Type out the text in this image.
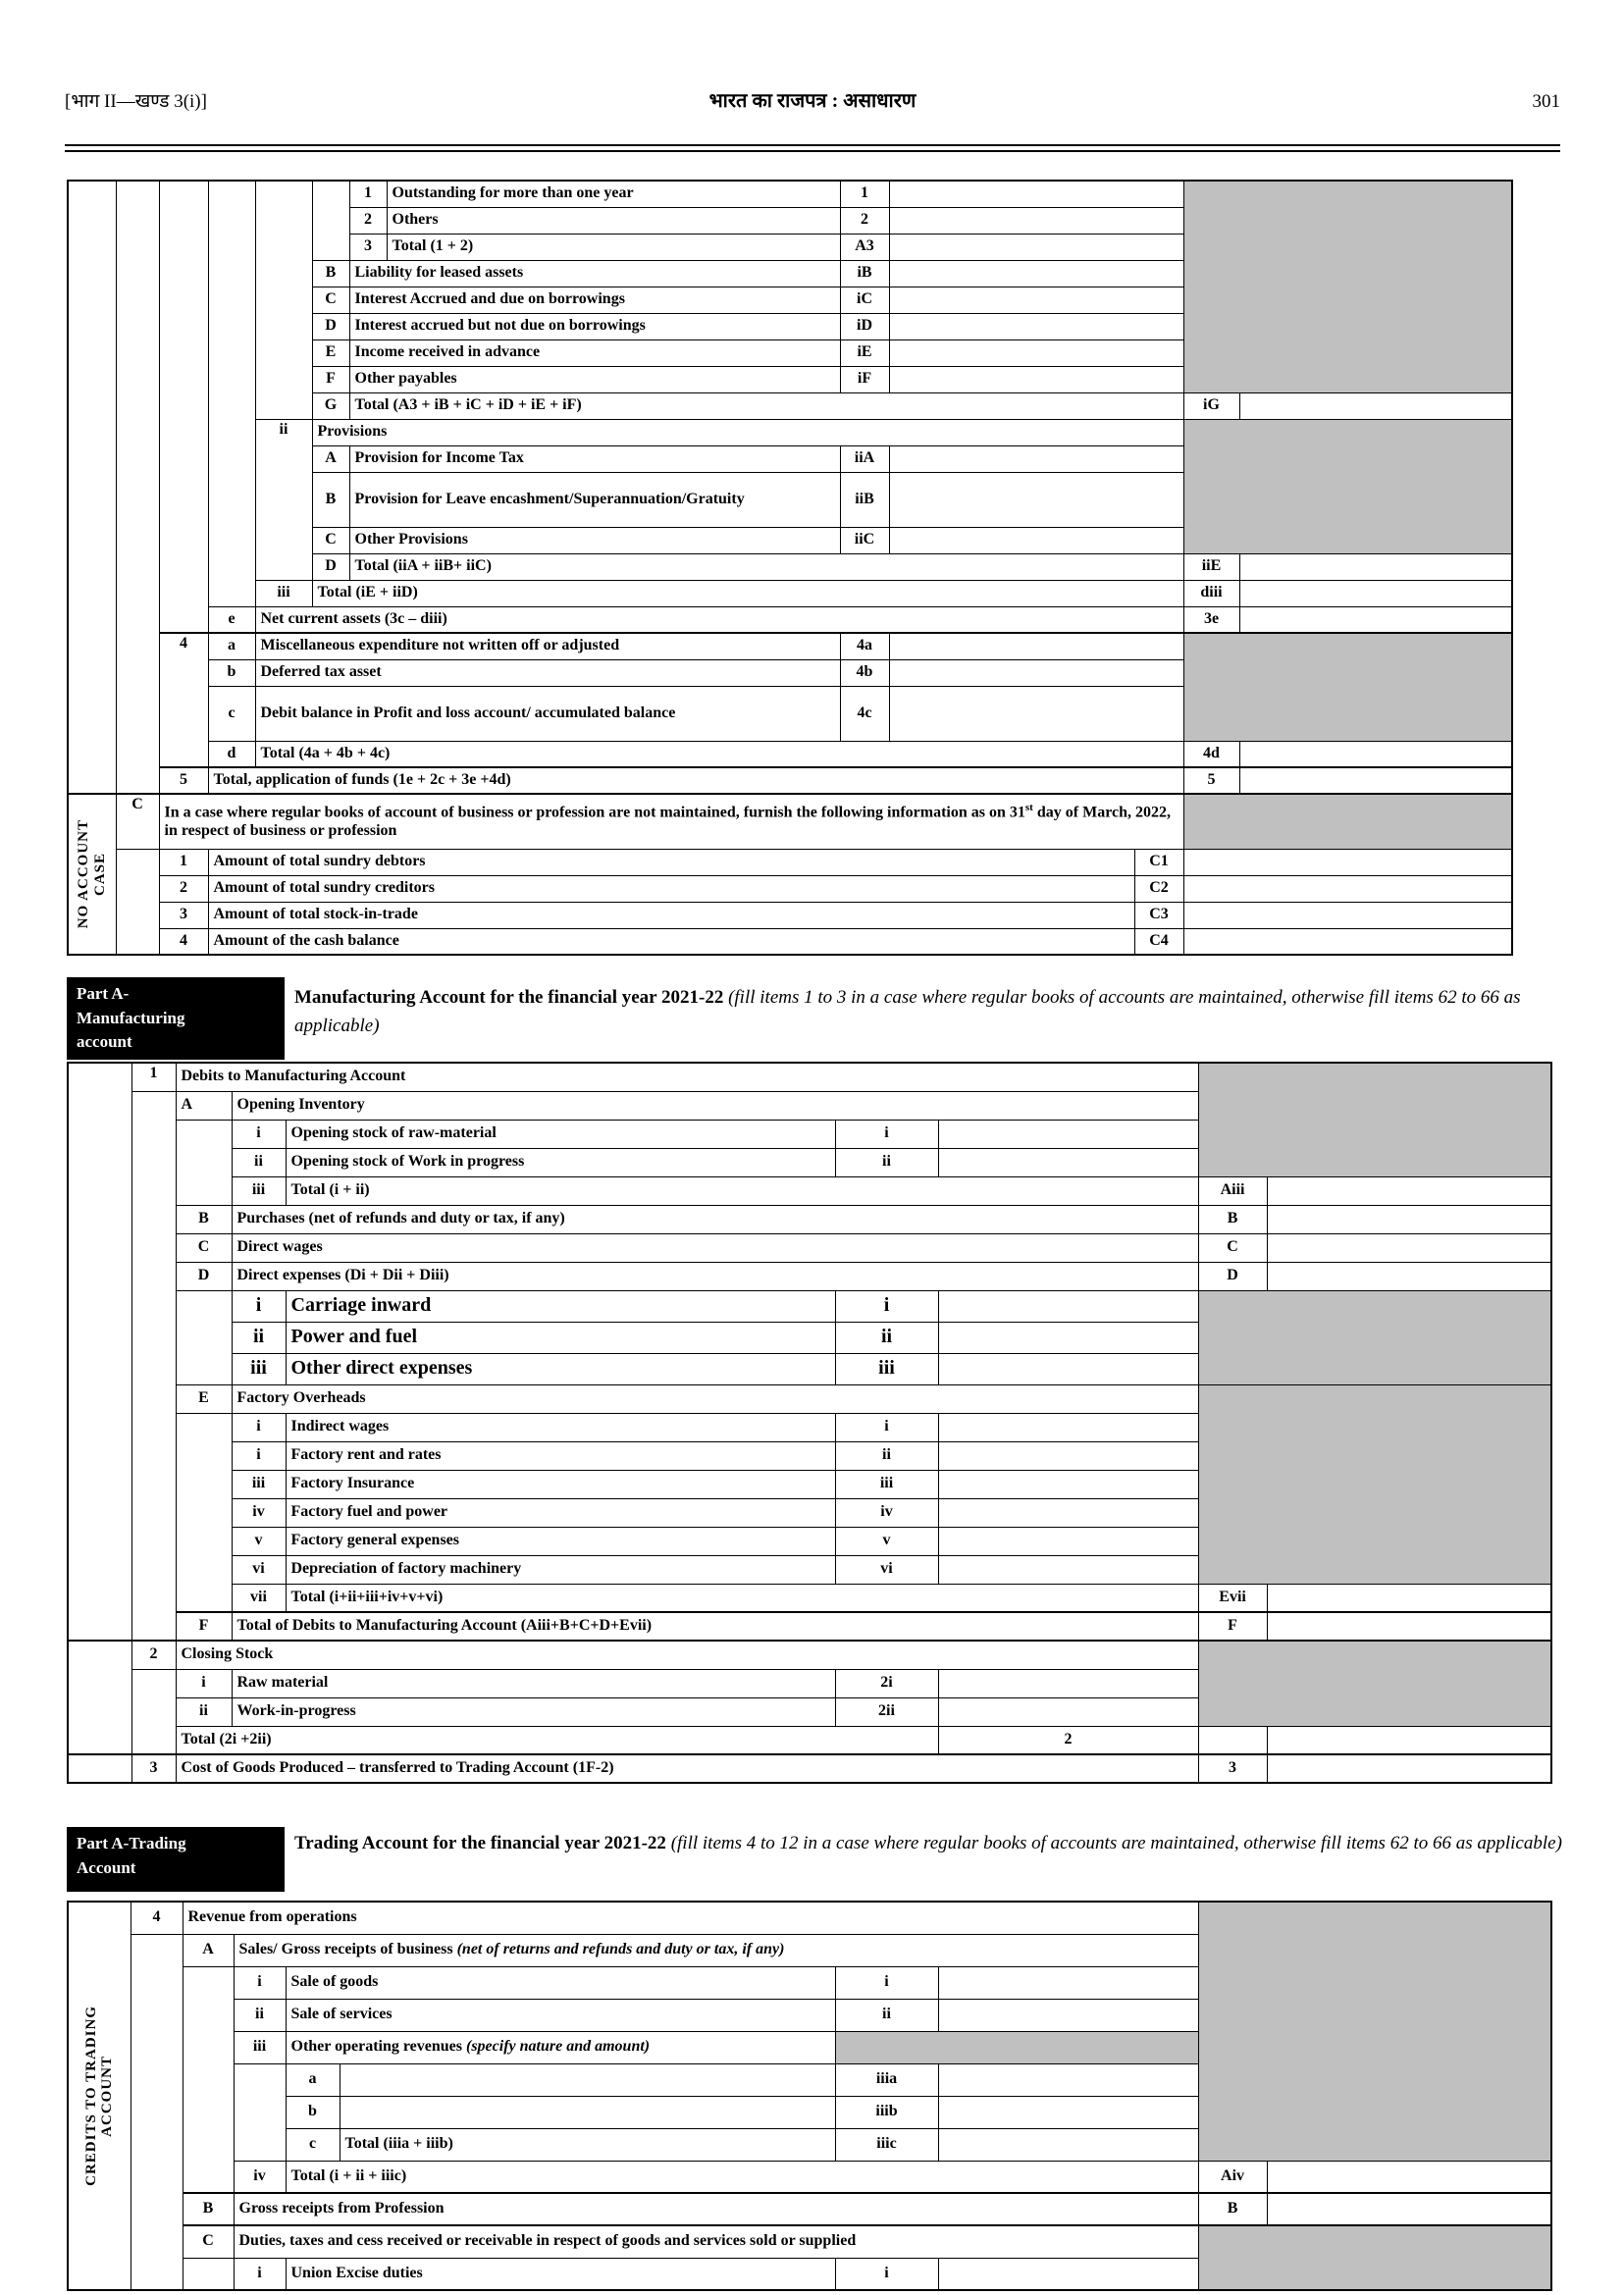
[भाग II—खण्ड 3(i)]	भारत का राजपत्र : असाधारण	301
						1	Outstanding for more than one year	1				
						2	Others	2				
						3	Total (1 + 2)	A3				
					B	Liability for leased assets		iB				
					C	Interest Accrued and due on borrowings		iC				
					D	Interest accrued but not due on borrowings		iD				
					E	Income received in advance		iE				
					F	Other payables		iF				
					G	Total (A3 + iB + iC + iD + iE + iF)					iG	
				ii	Provisions							
					A	Provision for Income Tax		iiA				
					B	Provision for Leave encashment/Superannuation/Gratuity		iiB				
					C	Other Provisions		iiC				
					D	Total (iiA + iiB+ iiC)					iiE	
				iii	Total (iE + iiD)						diii	
			e	Net current assets (3c – diii)							3e	
		4	a	Miscellaneous expenditure not written off or adjusted				4a				
			b	Deferred tax asset				4b				
			c	Debit balance in Profit and loss account/ accumulated balance				4c				
			d	Total (4a + 4b + 4c)							4d	
		5	Total, application of funds (1e + 2c + 3e +4d)								5	

NO ACCOUNT CASE	C	In a case where regular books of account of business or profession are not maintained, furnish the following information as on 31st day of March, 2022, in respect of business or profession										
		1	Amount of total sundry debtors							C1		
		2	Amount of total sundry creditors							C2		
		3	Amount of total stock-in-trade							C3		
		4	Amount of the cash balance							C4		
Part A-Manufacturing account
Manufacturing Account for the financial year 2021-22 (fill items 1 to 3 in a case where regular books of accounts are maintained, otherwise fill items 62 to 66 as applicable)
	1	Debits to Manufacturing Account						
		A	Opening Inventory					
			i	Opening stock of raw-material	i			
			ii	Opening stock of Work in progress	ii			
			iii	Total (i + ii)			Aiii	
		B	Purchases (net of refunds and duty or tax, if any)				B	
		C	Direct wages				C	
		D	Direct expenses (Di + Dii + Diii)				D	
			i	Carriage inward	i			
			ii	Power and fuel	ii			
			iii	Other direct expenses	iii			
		E	Factory Overheads					
			i	Indirect wages	i			
			i	Factory rent and rates	ii			
			iii	Factory Insurance	iii			
			iv	Factory fuel and power	iv			
			v	Factory general expenses	v			
			vi	Depreciation of factory machinery	vi			
			vii	Total (i+ii+iii+iv+v+vi)			Evii	
		F	Total of Debits to Manufacturing Account (Aiii+B+C+D+Evii)				F	
	2	Closing Stock						
		i	Raw material		2i			
		ii	Work-in-progress		2ii			
		Total (2i +2ii)				2		
	3	Cost of Goods Produced – transferred to Trading Account (1F-2)					3	
Part A-Trading Account
Trading Account for the financial year 2021-22 (fill items 4 to 12 in a case where regular books of accounts are maintained, otherwise fill items 62 to 66 as applicable)
CREDITS TO TRADING ACCOUNT	4	Revenue from operations							
		A	Sales/ Gross receipts of business (net of returns and refunds and duty or tax, if any)						
			i	Sale of goods		i			
			ii	Sale of services		ii			
			iii	Other operating revenues (specify nature and amount)					
				a		iiia			
				b		iiib			
				c	Total (iiia + iiib)	iiic			
			iv	Total (i + ii + iiic)				Aiv	
		B	Gross receipts from Profession					B	
		C	Duties, taxes and cess received or receivable in respect of goods and services sold or supplied						
			i	Union Excise duties		i			
